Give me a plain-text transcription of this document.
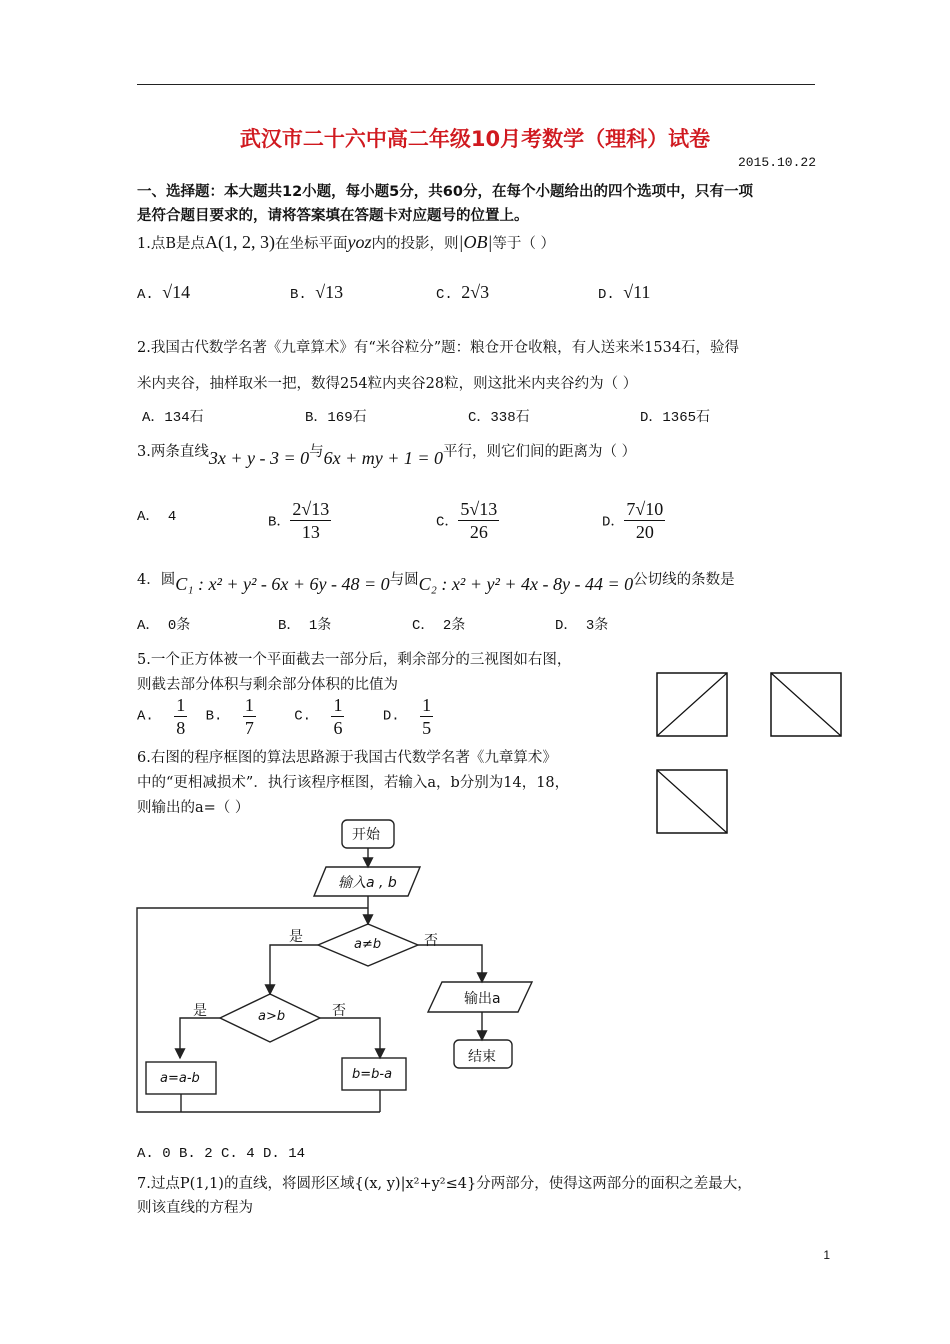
武汉市二十六中高二年级10月考数学（理科）试卷
2015.10.22
一、选择题：本大题共12小题，每小题5分，共60分，在每个小题给出的四个选项中，只有一项
是符合题目要求的，请将答案填在答题卡对应题号的位置上。
1.点B是点A(1, 2, 3)在坐标平面yoz内的投影，则|OB|等于（ ）
A. √14	B. √13	C. 2√3	D. √11
2.我国古代数学名著《九章算术》有“米谷粒分”题：粮仓开仓收粮，有人送来米1534石，验得
米内夹谷，抽样取米一把，数得254粒内夹谷28粒，则这批米内夹谷约为（ ）
A．134石	B．169石	C．338石	D．1365石
3.两条直线3x + y - 3 = 0与6x + my + 1 = 0平行，则它们间的距离为（ ）
A． 4	B． $\frac{2√13}{13}$	C． $\frac{5√13}{26}$	D． $\frac{7√10}{20}$
4．圆C₁ : x² + y² - 6x + 6y - 48 = 0与圆C₂ : x² + y² + 4x - 8y - 44 = 0公切线的条数是
A． 0条	B． 1条	C． 2条	D． 3条
5.一个正方体被一个平面截去一部分后，剩余部分的三视图如右图，
则截去部分体积与剩余部分体积的比值为
A. $\frac{1}{8} B$. $\frac{1}{7}$	C. $\frac{1}{6}$	D. $\frac{1}{5}$
6.右图的程序框图的算法思路源于我国古代数学名著《九章算术》
中的“更相减损术”．执行该程序框图，若输入a，b分别为14，18，
则输出的a=（ ）
开始
输入a , b
a≠b
是	否
a>b
是	否
a=a-b	b=b-a
输出a
结束
A. 0 B. 2 C. 4 D. 14
7.过点P(1,1)的直线，将圆形区域{(x, y)|x²+y²≤4}分两部分，使得这两部分的面积之差最大，
则该直线的方程为
1
